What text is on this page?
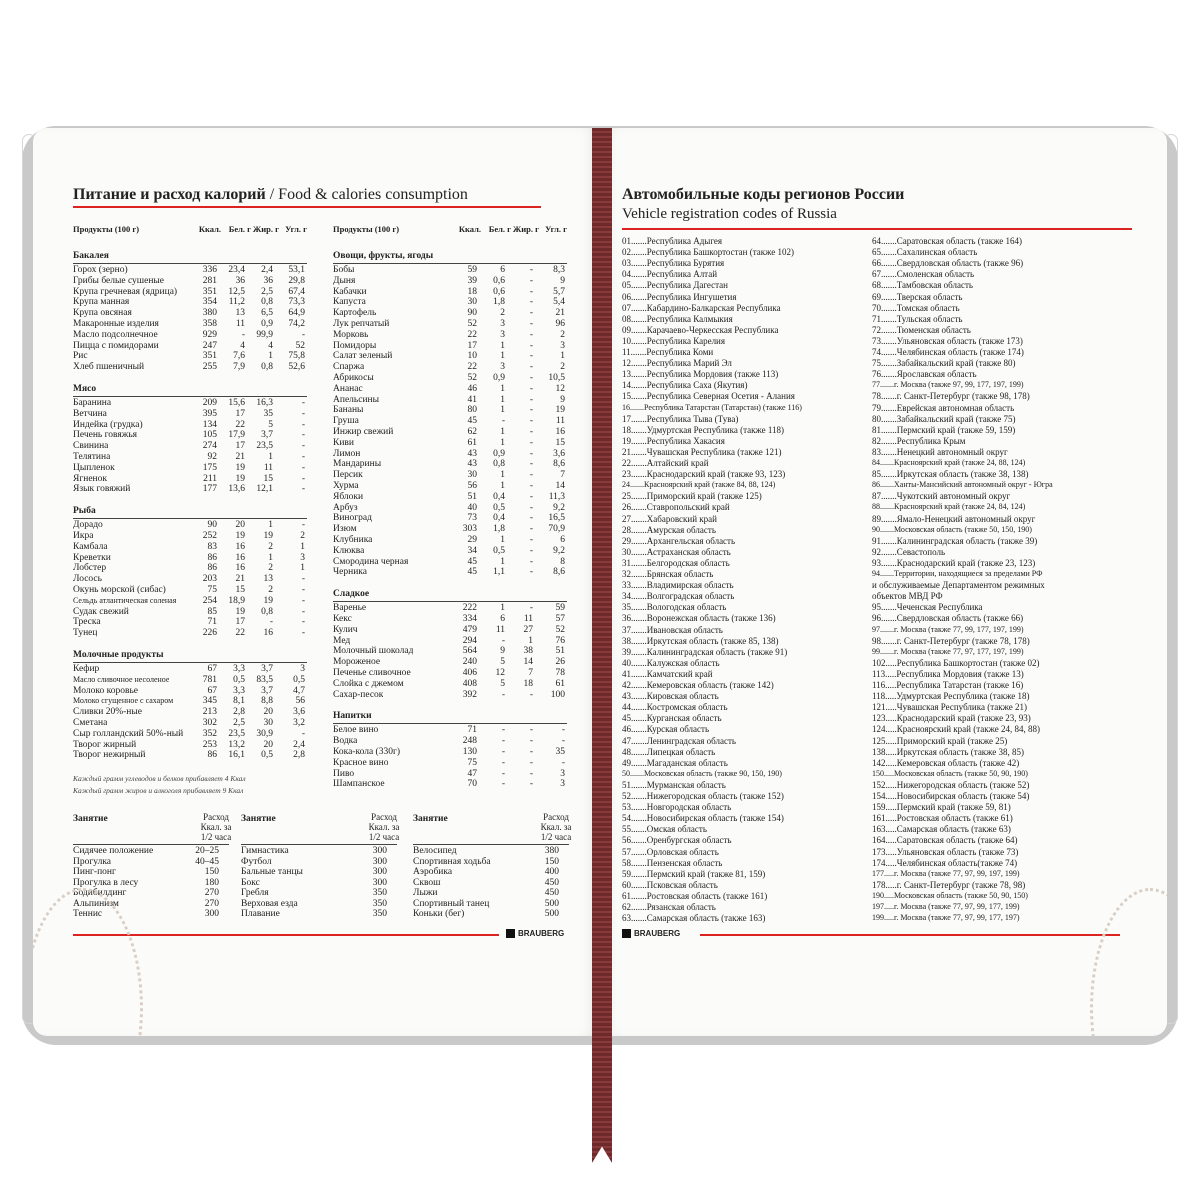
Питание и расход калорий / Food & calories consumption
Продукты (100 г)	Ккал. Бел. г Жир. г Угл. г
Бакалея
Горох (зерно)	336 23,4 2,4 53,1
Грибы белые сушеные	281 36 36 29,8
Крупа гречневая (ядрица)	351 12,5 2,5 67,4
Крупа манная	354 11,2 0,8 73,3
Крупа овсяная	380 13 6,5 64,9
Макаронные изделия	358 11 0,9 74,2
Масло подсолнечное	929	- 99,9	-
Пицца с помидорами	247 4 4 52
Рис	351 7,6 1 75,8
Хлеб пшеничный	255 7,9 0,8 52,6
Мясо
Баранина	209 15,6 16,3	-
Ветчина	395 17 35	-
Индейка (грудка)	134 22 5	-
Печень говяжья	105 17,9 3,7	-
Свинина	274 17 23,5	-
Телятина	92 21 1	-
Цыпленок	175 19 11	-
Ягненок	211 19 15	-
Язык говяжий	177 13,6 12,1	-
Рыба
Дорадо	90 20 1	-
Икра	252 19 19	2
Камбала	83 16 2	1
Креветки	86 16 1	3
Лобстер	86 16 2	1
Лосось	203 21 13	-
Окунь морской (сибас)	75 15 2	-
Сельдь атлантическая соленая	254 18,9 19	-
Судак свежий	85 19 0,8	-
Треска	71 17	-	-
Тунец	226 22 16	-
Молочные продукты
Кефир	67 3,3 3,7	3
Масло сливочное несоленое	781 0,5 83,5 0,5
Молоко коровье	67 3,3 3,7 4,7
Молоко сгущенное с сахаром	345 8,1 8,8 56
Сливки 20%-ные	213 2,8 20 3,6
Сметана	302 2,5 30 3,2
Сыр голландский 50%-ный 352 23,5 30,9	-
Творог жирный	253 13,2 20 2,4
Творог нежирный	86 16,1 0,5 2,8
Продукты (100 г)	Ккал. Бел. г Жир. г Угл. г
Овощи, фрукты, ягоды
Бобы	59 6	- 8,3
Дыня	39 0,6	-	9
Кабачки	18 0,6	- 5,7
Капуста	30 1,8	- 5,4
Картофель	90 2	- 21
Лук репчатый	52 3	- 96
Морковь	22 3	-	2
Помидоры	17 1	-	3
Салат зеленый	10 1	-	1
Спаржа	22 3	-	2
Абрикосы	52 0,9	- 10,5
Ананас	46 1	- 12
Апельсины	41 1	-	9
Бананы	80 1	- 19
Груша	45	-	- 11
Инжир свежий	62 1	- 16
Киви	61 1	- 15
Лимон	43 0,9	- 3,6
Мандарины	43 0,8	- 8,6
Персик	30 1	-	7
Хурма	56 1	- 14
Яблоки	51 0,4	- 11,3
Арбуз	40 0,5	- 9,2
Виноград	73 0,4	- 16,5
Изюм	303 1,8	- 70,9
Клубника	29 1	-	6
Клюква	34 0,5	- 9,2
Смородина черная	45 1	-	8
Черника	45 1,1	- 8,6
Сладкое
Варенье	222 1	- 59
Кекс	334 6 11 57
Кулич	479 11 27 52
Мед	294	- 1 76
Молочный шоколад	564 9 38 51
Мороженое	240 5 14 26
Печенье сливочное	406 12 7 78
Слойка с джемом	408 5 18 61
Сахар-песок	392	-	- 100
Напитки
Белое вино	71	-	-	-
Водка	248	-	-	-
Кока-кола (330г)	130	-	- 35
Красное вино	75	-	-	-
Пиво	47	-	-	3
Шампанское	70	-	-	3
Каждый грамм углеводов и белков прибавляет 4 Ккал
Каждый грамм жиров и алкоголя прибавляет 9 Ккал
Занятие	Расход
Ккал. за
1/2 часа
Сидячее положение	20–25
Прогулка	40–45
Пинг-понг	150
Прогулка в лесу	180
Бодибилдинг	270
Альпинизм	270
Теннис	300
Занятие	Расход
Ккал. за
1/2 часа
Гимнастика	300
Футбол	300
Бальные танцы	300
Бокс	300
Гребля	350
Верховая езда	350
Плавание	350
Занятие	Расход
Ккал. за
1/2 часа
Велосипед	380
Спортивная ходьба	150
Аэробика	400
Сквош	450
Лыжи	450
Спортивный танец	500
Коньки (бег)	500
BRAUBERG
Автомобильные коды регионов России
Vehicle registration codes of Russia
01.......Республика Адыгея
02.......Республика Башкортостан (также 102)
03.......Республика Бурятия
04.......Республика Алтай
05.......Республика Дагестан
06.......Республика Ингушетия
07.......Кабардино-Балкарская Республика
08.......Республика Калмыкия
09.......Карачаево-Черкесская Республика
10.......Республика Карелия
11.......Республика Коми
12.......Республика Марий Эл
13.......Республика Мордовия (также 113)
14.......Республика Саха (Якутия)
15.......Республика Северная Осетия - Алания
16.......Республика Татарстан (Татарстан) (также 116)
17.......Республика Тыва (Тува)
18.......Удмуртская Республика (также 118)
19.......Республика Хакасия
21.......Чувашская Республика (также 121)
22.......Алтайский край
23.......Краснодарский край (также 93, 123)
24.......Красноярский край (также 84, 88, 124)
25.......Приморский край (также 125)
26.......Ставропольский край
27.......Хабаровский край
28.......Амурская область
29.......Архангельская область
30.......Астраханская область
31.......Белгородская область
32.......Брянская область
33.......Владимирская область
34.......Волгоградская область
35.......Вологодская область
36.......Воронежская область (также 136)
37.......Ивановская область
38.......Иркутская область (также 85, 138)
39.......Калининградская область (также 91)
40.......Калужская область
41.......Камчатский край
42.......Кемеровская область (также 142)
43.......Кировская область
44.......Костромская область
45.......Курганская область
46.......Курская область
47.......Ленинградская область
48.......Липецкая область
49.......Магаданская область
50.......Московская область (также 90, 150, 190)
51.......Мурманская область
52.......Нижегородская область (также 152)
53.......Новгородская область
54.......Новосибирская область (также 154)
55.......Омская область
56.......Оренбургская область
57.......Орловская область
58.......Пензенская область
59.......Пермский край (также 81, 159)
60.......Псковская область
61.......Ростовская область (также 161)
62.......Рязанская область
63.......Самарская область (также 163)
64.......Саратовская область (также 164)
65.......Сахалинская область
66.......Свердловская область (также 96)
67.......Смоленская область
68.......Тамбовская область
69.......Тверская область
70.......Томская область
71.......Тульская область
72.......Тюменская область
73.......Ульяновская область (также 173)
74.......Челябинская область (также 174)
75.......Забайкальский край (также 80)
76.......Ярославская область
77.......г. Москва (также 97, 99, 177, 197, 199)
78.......г. Санкт-Петербург (также 98, 178)
79.......Еврейская автономная область
80.......Забайкальский край (также 75)
81.......Пермский край (также 59, 159)
82.......Республика Крым
83.......Ненецкий автономный округ
84.......Красноярский край (также 24, 88, 124)
85.......Иркутская область (также 38, 138)
86.......Ханты-Мансийский автономный округ - Югра
87.......Чукотский автономный округ
88.......Красноярский край (также 24, 84, 124)
89.......Ямало-Ненецкий автономный округ
90.......Московская область (также 50, 150, 190)
91.......Калининградская область (также 39)
92.......Севастополь
93.......Краснодарский край (также 23, 123)
94.......Территории, находящиеся за пределами РФ
и обслуживаемые Департаментом режимных
объектов МВД РФ
95.......Чеченская Республика
96.......Свердловская область (также 66)
97.......г. Москва (также 77, 99, 177, 197, 199)
98.......г. Санкт-Петербург (также 78, 178)
99.......г. Москва (также 77, 97, 177, 197, 199)
102.....Республика Башкортостан (также 02)
113.....Республика Мордовия (также 13)
116.....Республика Татарстан (также 16)
118.....Удмуртская Республика (также 18)
121.....Чувашская Республика (также 21)
123.....Краснодарский край (также 23, 93)
124.....Красноярский край (также 24, 84, 88)
125.....Приморский край (также 25)
138.....Иркутская область (также 38, 85)
142.....Кемеровская область (также 42)
150.....Московская область (также 50, 90, 190)
152.....Нижегородская область (также 52)
154.....Новосибирская область (также 54)
159.....Пермский край (также 59, 81)
161.....Ростовская область (также 61)
163.....Самарская область (также 63)
164.....Саратовская область (также 64)
173.....Ульяновская область (также 73)
174.....Челябинская область(также 74)
177.....г. Москва (также 77, 97, 99, 197, 199)
178.....г. Санкт-Петербург (также 78, 98)
190.....Московская область (также 50, 90, 150)
197.....г. Москва (также 77, 97, 99, 177, 199)
199.....г. Москва (также 77, 97, 99, 177, 197)
BRAUBERG
